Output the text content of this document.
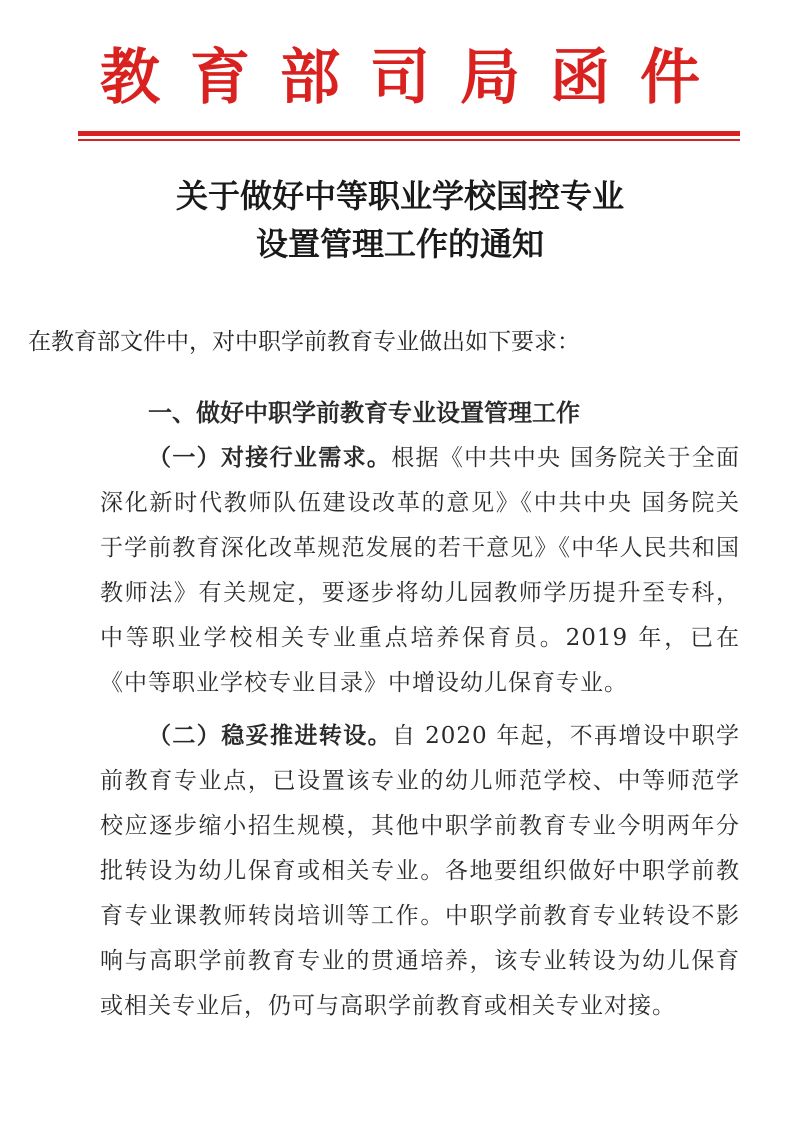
教育部司局函件
关于做好中等职业学校国控专业
设置管理工作的通知
在教育部文件中，对中职学前教育专业做出如下要求：

一、做好中职学前教育专业设置管理工作

（一）对接行业需求。根据《中共中央 国务院关于全面深化新时代教师队伍建设改革的意见》《中共中央 国务院关于学前教育深化改革规范发展的若干意见》《中华人民共和国教师法》有关规定，要逐步将幼儿园教师学历提升至专科，中等职业学校相关专业重点培养保育员。2019 年，已在《中等职业学校专业目录》中增设幼儿保育专业。

（二）稳妥推进转设。自 2020 年起，不再增设中职学前教育专业点，已设置该专业的幼儿师范学校、中等师范学校应逐步缩小招生规模，其他中职学前教育专业今明两年分批转设为幼儿保育或相关专业。各地要组织做好中职学前教育专业课教师转岗培训等工作。中职学前教育专业转设不影响与高职学前教育专业的贯通培养，该专业转设为幼儿保育或相关专业后，仍可与高职学前教育或相关专业对接。
